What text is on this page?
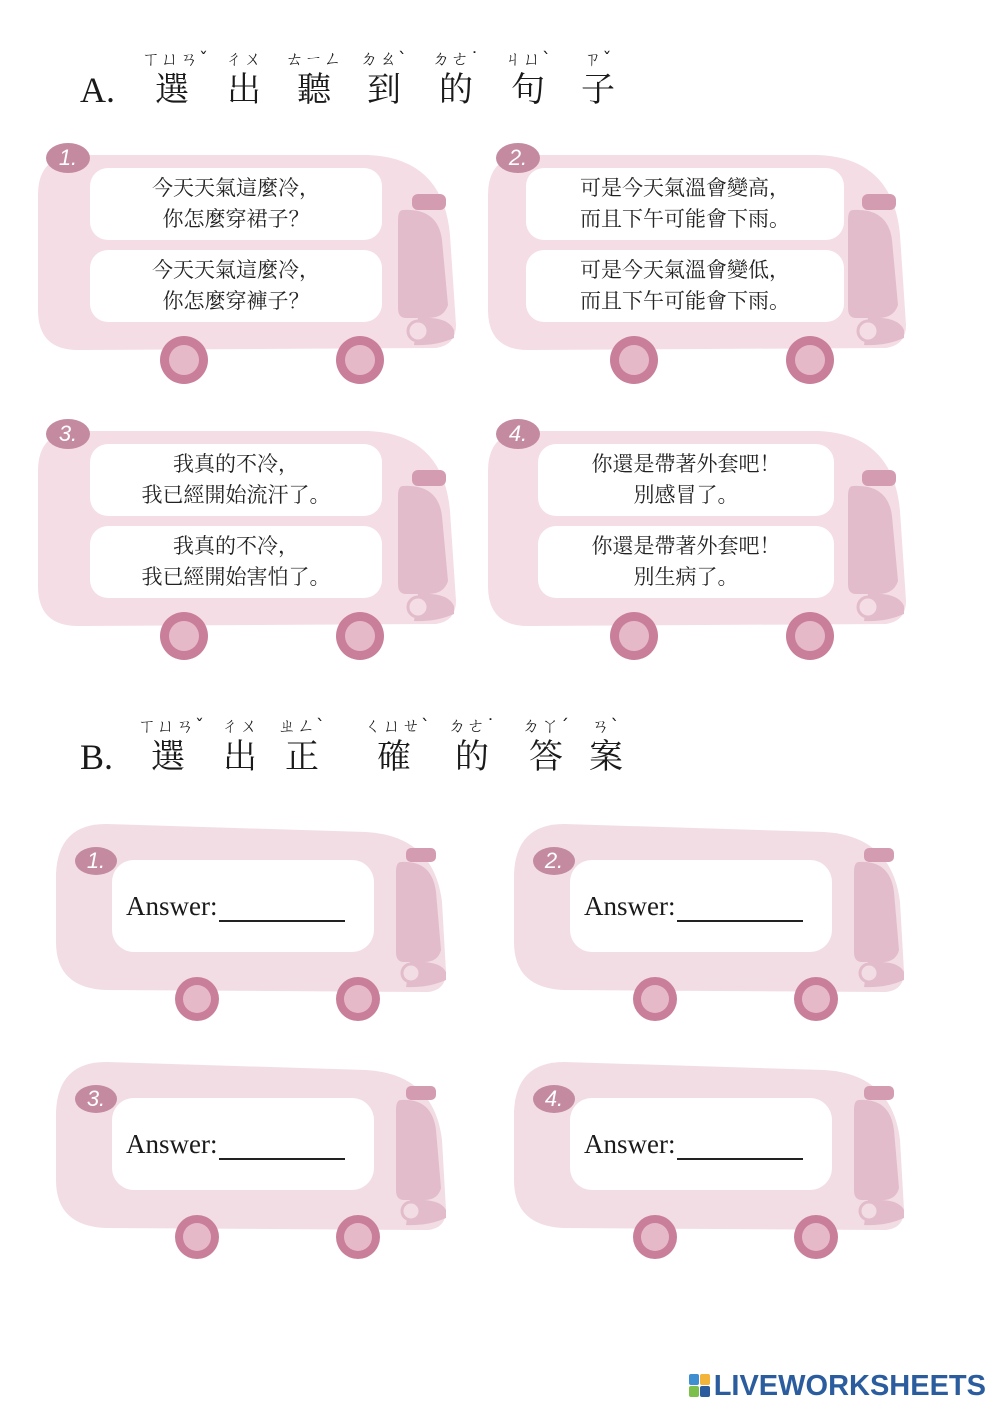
A.
ㄒㄩㄢˇ
選
ㄔㄨ
出
ㄊㄧㄥ
聽
ㄉㄠˋ
到
ㄉㄜ˙
的
ㄐㄩˋ
句
ㄗˇ
子
1.
今天天氣這麼冷，
你怎麼穿裙子？
今天天氣這麼冷，
你怎麼穿褲子？
2.
可是今天氣溫會變高，
而且下午可能會下雨。
可是今天氣溫會變低，
而且下午可能會下雨。
3.
我真的不冷，
我已經開始流汗了。
我真的不冷，
我已經開始害怕了。
4.
你還是帶著外套吧！
別感冒了。
你還是帶著外套吧！
別生病了。
B.
ㄒㄩㄢˇ
選
ㄔㄨ
出
ㄓㄥˋ
正
ㄑㄩㄝˋ
確
ㄉㄜ˙
的
ㄉㄚˊ
答
ㄢˋ
案
1.
Answer:
2.
Answer:
3.
Answer:
4.
Answer:
LIVEWORKSHEETS
